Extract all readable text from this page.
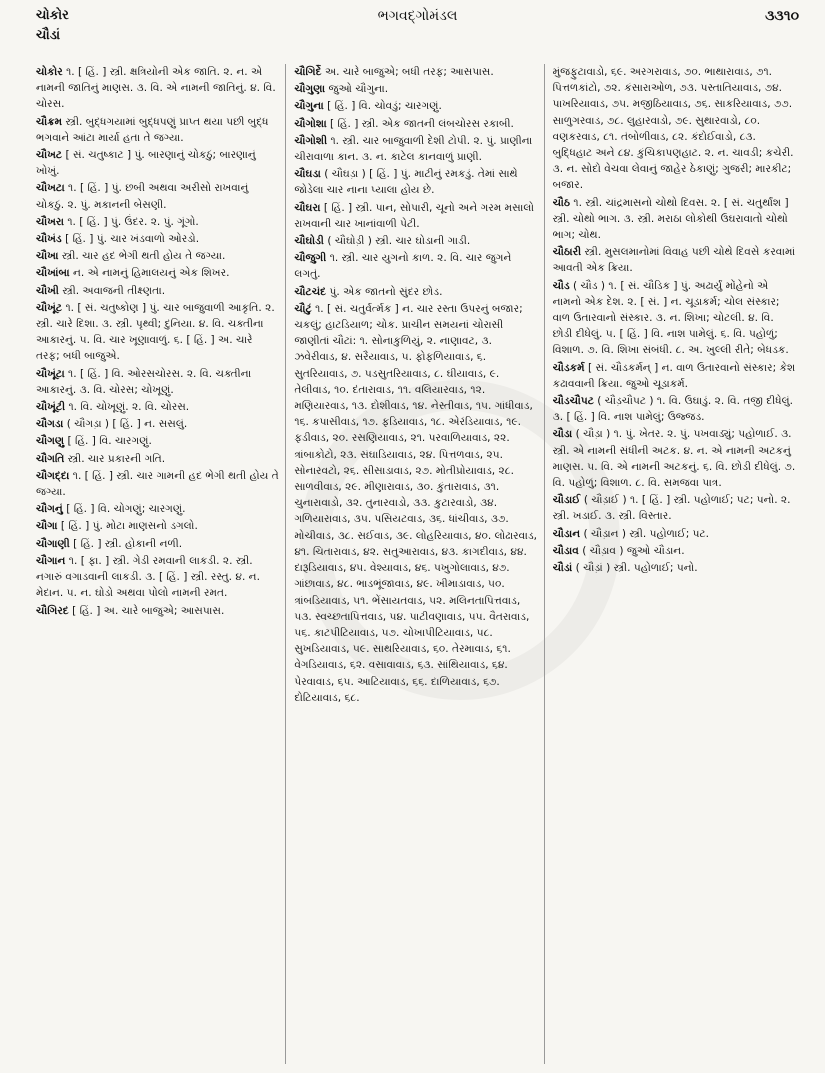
ચોકોર
ચૌડાં
ભગવદ્ગોમંડલ	૩૩૧૦

ચોકોર ૧. [ હિં. ] સ્ત્રી. ક્ષત્રિયોની એક જાતિ. ૨. ન. એ નામની જાતિનું માણસ. ૩. વિ. એ નામની જાતિનું. ૪. વિ. ચોરસ.

ચૌક્રમ સ્ત્રી. બુદ્ધગયામાં બુદ્ધપણું પ્રાપ્ત થયા પછી બુદ્ધ ભગવાને આંટા માર્યા હતા તે જગ્યા.

ચૌખટ [ સં. ચતુષ્કાટ ] પું. બારણાનું ચોકઠું; બારણાનું ખોખું.

ચૌખટા ૧. [ હિં. ] પું. છબી અથવા અરીસો રાખવાનું ચોકઠું. ૨. પું. મકાનની બેસણી.

ચૌખરા ૧. [ હિં. ] પું. ઉંદર. ૨. પું. ગૂંગો.

ચૌખંડ [ હિં. ] પું. ચાર ખંડવાળો ઓરડો.

ચૌખા સ્ત્રી. ચાર હદ ભેગી થતી હોય તે જગ્યા.

ચૌખાંબા ન. એ નામનું હિમાલયનું એક શિખર.

ચૌખી સ્ત્રી. અવાજની તીક્ષ્ણતા.

ચૌખૂંટ ૧. [ સં. ચતુષ્કોણ ] પું. ચાર બાજુવાળી આકૃતિ. ૨. સ્ત્રી. ચારે દિશા. ૩. સ્ત્રી. પૃથ્વી; દુનિયા. ૪. વિ. ચક્તીના આકારનું. ૫. વિ. ચાર ખૂણાવાળું. ૬. [ હિં. ] અ. ચારે તરફ; બધી બાજુએ.

ચૌખૂંટા ૧. [ હિં. ] વિ. ઓરસચોરસ. ૨. વિ. ચક્તીના આકારનું. ૩. વિ. ચોરસ; ચોખૂણું.

ચૌખૂંટી ૧. વિ. ચોખૂણું. ૨. વિ. ચોરસ.

ચૌગડા ( ચૌગડ઼ા ) [ હિં. ] ન. સસલું.

ચૌગણુ [ હિં. ] વિ. ચારગણું.

ચૌગતિ સ્ત્રી. ચાર પ્રકારની ગતિ.

ચૌગદ્દા ૧. [ હિં. ] સ્ત્રી. ચાર ગામની હદ ભેગી થતી હોય તે જગ્યા.

ચૌગનું [ હિં. ] વિ. ચોગણું; ચારગણું.

ચૌગા [ હિં. ] પું. મોટા માણસનો ડગલો.

ચૌગાણી [ હિં. ] સ્ત્રી. હોકાની નળી.

ચૌગાન ૧. [ ફા. ] સ્ત્રી. ગેડી રમવાની લાકડી. ૨. સ્ત્રી. નગારું વગાડવાની લાકડી. ૩. [ હિં. ] સ્ત્રી. રસ્તુ. ૪. ન. મેદાન. ૫. ન. ઘોડો અથવા પોલો નામની રમત.

ચૌગિરદ [ હિં. ] અ. ચારે બાજુએ; આસપાસ.

ચૌગિર્દે અ. ચારે બાજુએ; બધી તરફ; આસપાસ.

ચૌગુણા જુઓ ચૌગુના.

ચૌગુના [ હિં. ] વિ. ચોવડું; ચારગણું.

ચૌગોશા [ હિં. ] સ્ત્રી. એક જાતની લંબચોરસ રકાબી.

ચૌગોશી ૧. સ્ત્રી. ચાર બાજુવાળી દેશી ટોપી. ૨. પું. પ્રાણીના ચીરાવાળા કાન. ૩. ન. કાટેલ કાનવાળું પ્રાણી.

ચૌઘડા ( ચૌઘડ઼ા ) [ હિં. ] પું. માટીનું રમકડું. તેમાં સાથે જોડેલા ચાર નાના પ્યાલા હોય છે.

ચૌઘરા [ હિં. ] સ્ત્રી. પાન, સોપારી, ચૂનો અને ગરમ મસાલો રાખવાની ચાર ખાનાંવાળી પેટી.

ચૌઘોડી ( ચૌઘોડ઼ી ) સ્ત્રી. ચાર ઘોડાની ગાડી.

ચૌજુગી ૧. સ્ત્રી. ચાર યુગનો કાળ. ૨. વિ. ચાર જુગને લગતું.

ચૌટચંદ પું. એક જાતનો સુંદર છોડ.

ચૌટું ૧. [ સં. ચતુર્વર્ત્મક ] ન. ચાર રસ્તા ઉપરનું બજાર; ચકલું; હાટડિયાળ; ચોક. પ્રાચીન સમયનાં ચોરાસી જાણીતાં ચૌટાં: ૧. સોનાકુળિયું, ૨. નાણાવટ, ૩. ઝવેરીવાડ, ૪. સરૈયાવાડ, ૫. ફોફળિયાવાડ, ૬. સુતરિયાવાડ, ૭. પડસુતરિયાવાડ, ૮. ઘીયાવાડ, ૯. તેલીવાડ, ૧૦. દંતારાવાડ, ૧૧. વલિયારવાડ, ૧૨. મણિયારવાડ, ૧૩. દોશીવાડ, ૧૪. નેસ્તીવાડ, ૧૫. ગાંધીવાડ, ૧૬. કપાસીવાડ, ૧૭. ફડિયાવાડ, ૧૮. એરંડિયાવાડ, ૧૯. ફડીવાડ, ૨૦. રસણિયાવાડ, ૨૧. પરવાળિયાવાડ, ૨૨. ત્રાંબાકોટો, ૨૩. સંઘાડિયાવાડ, ૨૪. પિત્તળવાડ, ૨૫. સોનારવટો, ૨૬. સીસાડાવાડ, ૨૭. મોતીપ્રોયાવાડ, ૨૮. સાળવીવાડ, ૨૯. મીણારાવાડ, ૩૦. કુંતારાવાડ, ૩૧. ચુનારાવાડો, ૩૨. તુનારવાડો, ૩૩. કુટારવાડો, ૩૪. ગળિયારાવાડ, ૩૫. પસિયટવાડ, ૩૬. ધાંચીવાડ, ૩૭. મોચીવાડ, ૩૮. સઈવાડ, ૩૯. લોહરિયાવાડ, ૪૦. લોઢારવાડ, ૪૧. ચિતારાવાડ, ૪૨. સતુઆરાવાડ, ૪૩. કાગદીવાડ, ૪૪. દારૂડિયાવાડ, ૪૫. વેશ્યાવાડ, ૪૬. પખુગોલાવાડ, ૪૭. ગાંછાવાડ, ૪૮. ભાડભૂંજાવાડ, ૪૯. ખીમાડાવાડ, ૫૦. ત્રાંબડિયાવાડ, ૫૧. ભેંસાયતવાડ, ૫૨. મલિનતાપિત્તવાડ, ૫૩. સ્વચ્છતાપિત્તવાડ, ૫૪. પાટીવણાવાડ, ૫૫. વૈતરાવાડ, ૫૬. કાટપીટિયાવાડ, ૫૭. ચોખાપીટિયાવાડ, ૫૮. સુખડિયાવાડ, ૫૯. સાથરિયાવાડ, ૬૦. તેરમાવાડ, ૬૧. વેગડિયાવાડ, ૬૨. વસાવાવાડ, ૬૩. સાંથિયાવાડ, ૬૪. પેરવાવાડ, ૬૫. આટિયાવાડ, ૬૬. દાળિયાવાડ, ૬૭. દોટિયાવાડ, ૬૮.

મુંજફુટાવાડો, ૬૯. અરગરાવાડ, ૭૦. ભાથારાવાડ, ૭૧. પિત્તળકાંટો, ૭૨. કંસારાઓળ, ૭૩. પસ્તાતિયાવાડ, ૭૪. પાખરિયાવાડ, ૭૫. મજીઠિયાવાડ, ૭૬. સાકરિયાવાડ, ૭૭. સાળુગરવાડ, ૭૮. લુહારવાડો, ૭૯. સુથારવાડો, ૮૦. વણકરવાડ, ૮૧. તંબોળીવાડ, ૮૨. કંદોઈવાડો, ૮૩. બુદ્ધિહાટ અને ૮૪. કુંચિકાપણહાટ. ૨. ન. ચાવડી; કચેરી. ૩. ન. સોદો વેચવા લેવાનું જાહેર ઠેકાણું; ગુજરી; મારકીટ; બજાર.

ચૌઠ ૧. સ્ત્રી. ચાંદ્રમાસનો ચોથો દિવસ. ૨. [ સં. ચતુર્થાંશ ] સ્ત્રી. ચોથો ભાગ. ૩. સ્ત્રી. મરાઠા લોકોથી ઉઘરાવાતો ચોથો ભાગ; ચોથ.

ચૌઠારી સ્ત્રી. મુસલમાનોમાં વિવાહ પછી ચોથે દિવસે કરવામાં આવતી એક ક્રિયા.

ચૌડ ( ચૌડ ) ૧. [ સં. ચૌડિક ] પું. અઢાર્યું મોંહેનો એ નામનો એક દેશ. ૨. [ સં. ] ન. ચૂડાકર્મ; ચોલ સંસ્કાર; વાળ ઉતારવાનો સંસ્કાર. ૩. ન. શિખા; ચોટલી. ૪. વિ. છોડી દીધેલું. ૫. [ હિં. ] વિ. નાશ પામેલું. ૬. વિ. પહોળું; વિશાળ. ૭. વિ. શિખા સંબંધી. ૮. અ. ખુલ્લી રીતે; બેધડક.

ચૌડકર્મ [ સં. ચૌડકર્મન્ ] ન. વાળ ઉતારવાનો સંસ્કાર; કેશ કઢાવવાની ક્રિયા. જુઓ ચૂડાકર્મ.

ચૌડચૌપટ ( ચૌડ઼ચૌપટ ) ૧. વિ. ઉઘાડું. ૨. વિ. તજી દીધેલું. ૩. [ હિં. ] વિ. નાશ પામેલું; ઉજ્જડ.

ચૌડા ( ચૌડ઼ા ) ૧. પું. ખેતર. ૨. પું. પખવાડ્યું; પહોળાઈ. ૩. સ્ત્રી. એ નામની સંધીની અટક. ૪. ન. એ નામની અટકનું માણસ. ૫. વિ. એ નામની અટકનું. ૬. વિ. છોડી દીધેલું. ૭. વિ. પહોળું; વિશાળ. ૮. વિ. સમજવા પાત્ર.

ચૌડાઈ ( ચૌડ઼ાઈ ) ૧. [ હિં. ] સ્ત્રી. પહોળાઈ; પટ; પનો. ૨. સ્ત્રી. ખડાઈ. ૩. સ્ત્રી. વિસ્તાર.

ચૌડાન ( ચૌડ઼ાન ) સ્ત્રી. પહોળાઈ; પટ.

ચૌડાવ ( ચૌડ઼ાવ ) જુઓ ચૌડાન.

ચૌડાં ( ચૌડ઼ાં ) સ્ત્રી. પહોળાઈ; પનો.
